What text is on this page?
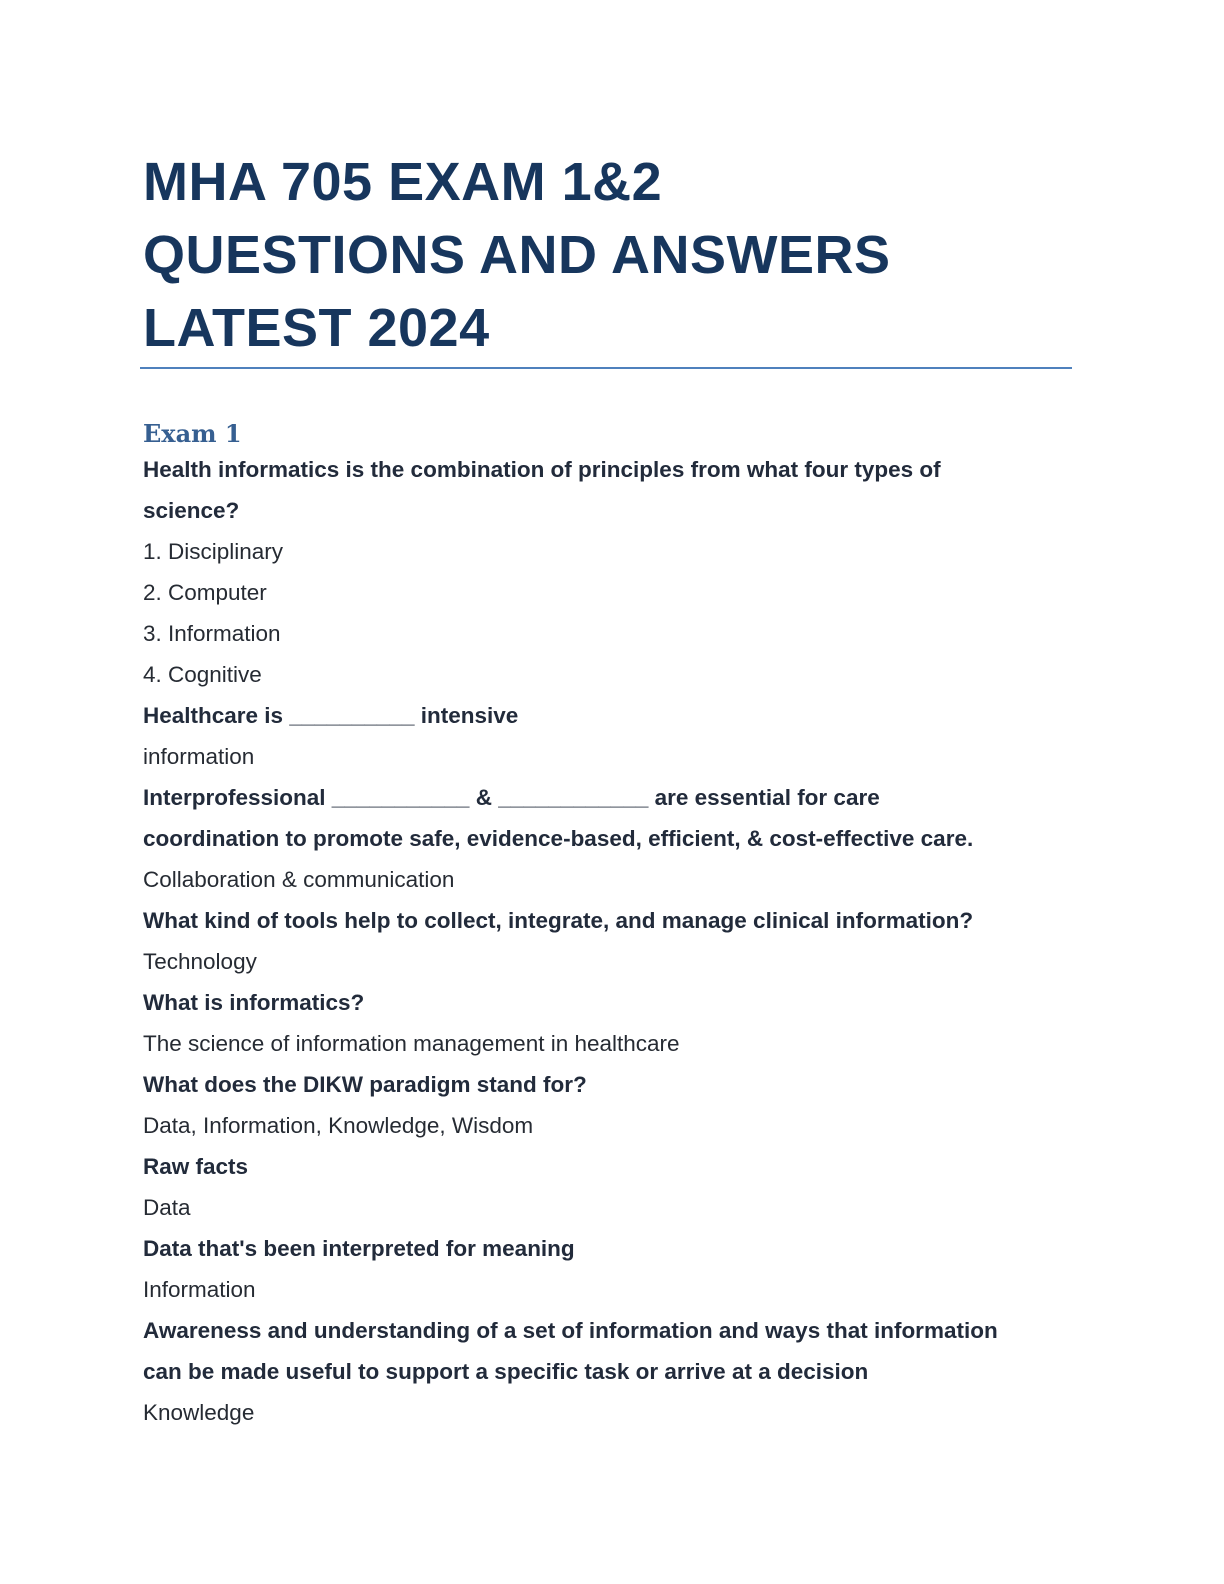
MHA 705 EXAM 1&2
QUESTIONS AND ANSWERS
LATEST 2024
Exam 1

Health informatics is the combination of principles from what four types of

science?

1. Disciplinary

2. Computer

3. Information

4. Cognitive

Healthcare is __________ intensive

information

Interprofessional ___________ & ____________ are essential for care

coordination to promote safe, evidence-based, efficient, & cost-effective care.

Collaboration & communication

What kind of tools help to collect, integrate, and manage clinical information?

Technology

What is informatics?

The science of information management in healthcare

What does the DIKW paradigm stand for?

Data, Information, Knowledge, Wisdom

Raw facts

Data

Data that's been interpreted for meaning

Information

Awareness and understanding of a set of information and ways that information

can be made useful to support a specific task or arrive at a decision

Knowledge
